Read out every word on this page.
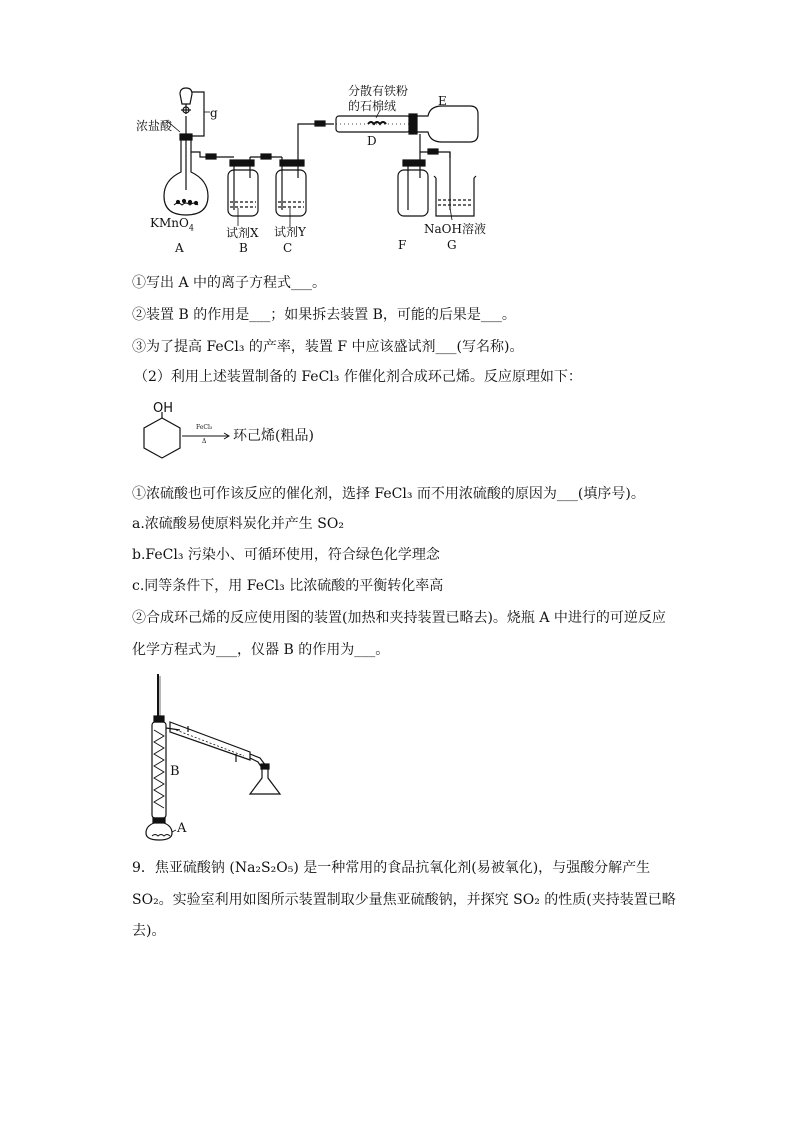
浓盐酸
g
KMnO$_4$	试剂X 试剂Y
分散有铁粉
的石棉绒
D
E
NaOH溶液
A	B	C	F	G
①写出 A 中的离子方程式___。
②装置 B 的作用是___；如果拆去装置 B，可能的后果是___。
③为了提高 FeCl₃ 的产率，装置 F 中应该盛试剂___(写名称)。
（2）利用上述装置制备的 FeCl₃ 作催化剂合成环己烯。反应原理如下：
OH
FeCl₃
Δ 环己烯(粗品)
①浓硫酸也可作该反应的催化剂，选择 FeCl₃ 而不用浓硫酸的原因为___(填序号)。
a.浓硫酸易使原料炭化并产生 SO₂
b.FeCl₃ 污染小、可循环使用，符合绿色化学理念
c.同等条件下，用 FeCl₃ 比浓硫酸的平衡转化率高
②合成环己烯的反应使用图的装置(加热和夹持装置已略去)。烧瓶 A 中进行的可逆反应
化学方程式为___，仪器 B 的作用为___。
B
A
9．焦亚硫酸钠 (Na₂S₂O₅) 是一种常用的食品抗氧化剂(易被氧化)，与强酸分解产生
SO₂。实验室利用如图所示装置制取少量焦亚硫酸钠，并探究 SO₂ 的性质(夹持装置已略
去)。
